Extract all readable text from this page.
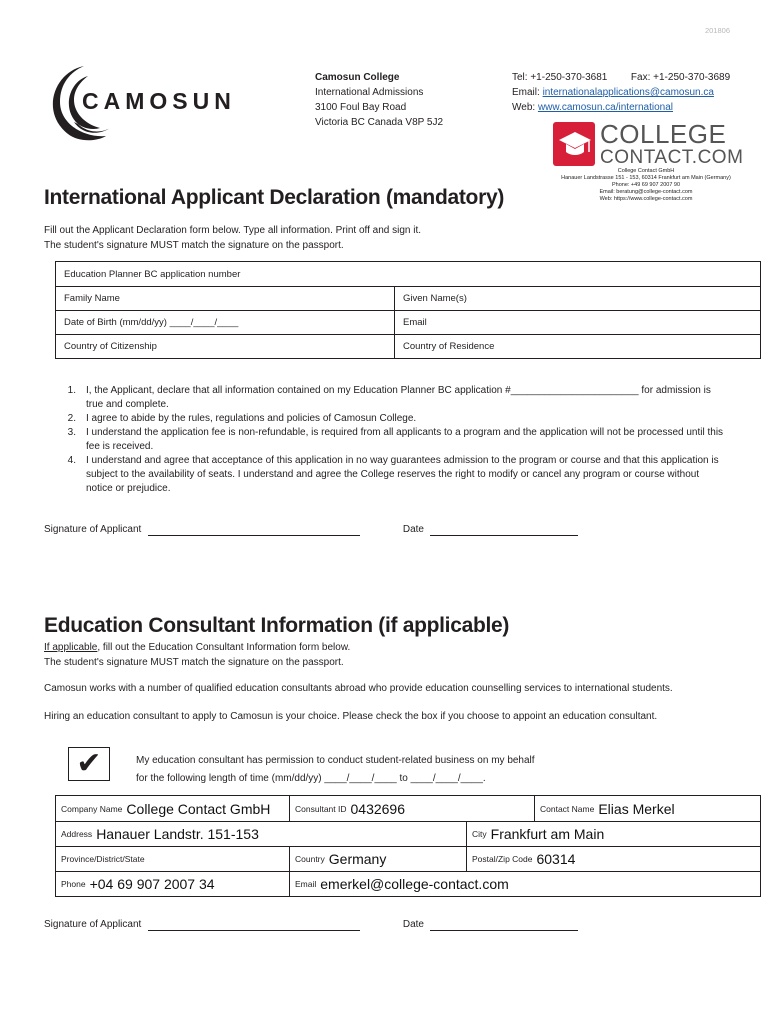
201806
CAMOSUN
Camosun College
International Admissions
3100 Foul Bay Road
Victoria BC Canada V8P 5J2
Tel: +1-250-370-3681 Fax: +1-250-370-3689
Email: internationalapplications@camosun.ca
Web: www.camosun.ca/international
COLLEGE
CONTACT.COM
College Contact GmbH
Hanauer Landstrasse 151 - 153, 60314 Frankfurt am Main (Germany)
Phone: +49 69 907 2007 90
Email: beratung@college-contact.com
Web: https://www.college-contact.com
International Applicant Declaration (mandatory)
Fill out the Applicant Declaration form below. Type all information. Print off and sign it.
The student's signature MUST match the signature on the passport.
Education Planner BC application number
Family Name	Given Name(s)
Date of Birth (mm/dd/yy) ____/____/____	Email
Country of Citizenship	Country of Residence
1. I, the Applicant, declare that all information contained on my Education Planner BC application #_______________________ for admission is true and complete.
2. I agree to abide by the rules, regulations and policies of Camosun College.
3. I understand the application fee is non-refundable, is required from all applicants to a program and the application will not be processed until this fee is received.
4. I understand and agree that acceptance of this application in no way guarantees admission to the program or course and that this application is subject to the availability of seats. I understand and agree the College reserves the right to modify or cancel any program or course without notice or prejudice.
Signature of Applicant	Date
Education Consultant Information (if applicable)
If applicable, fill out the Education Consultant Information form below.
The student's signature MUST match the signature on the passport.
Camosun works with a number of qualified education consultants abroad who provide education counselling services to international students.
Hiring an education consultant to apply to Camosun is your choice. Please check the box if you choose to appoint an education consultant.
✔	My education consultant has permission to conduct student-related business on my behalf
for the following length of time (mm/dd/yy) ____/____/____ to ____/____/____.
Company Name College Contact GmbH	Consultant ID 0432696	Contact Name Elias Merkel
Address Hanauer Landstr. 151-153	City Frankfurt am Main
Province/District/State	Country Germany	Postal/Zip Code 60314
Phone +04 69 907 2007 34	Email emerkel@college-contact.com
Signature of Applicant	Date
